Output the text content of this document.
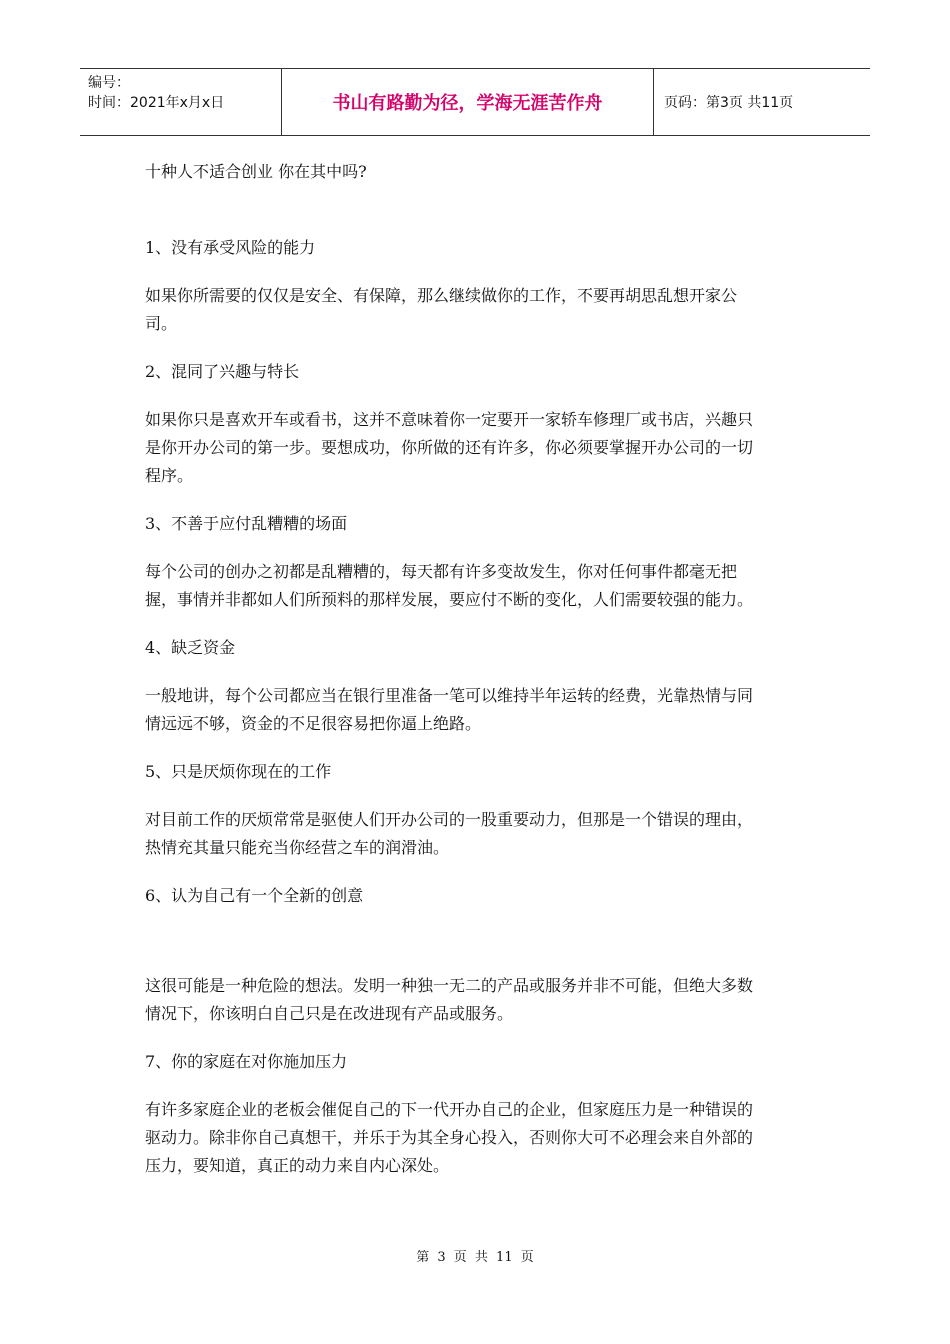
编号：
时间：2021年x月x日	书山有路勤为径，学海无涯苦作舟	页码：第3页 共11页

十种人不适合创业 你在其中吗?

1、没有承受风险的能力

如果你所需要的仅仅是安全、有保障，那么继续做你的工作，不要再胡思乱想开家公司。

2、混同了兴趣与特长

如果你只是喜欢开车或看书，这并不意味着你一定要开一家轿车修理厂或书店，兴趣只是你开办公司的第一步。要想成功，你所做的还有许多，你必须要掌握开办公司的一切程序。

3、不善于应付乱糟糟的场面

每个公司的创办之初都是乱糟糟的，每天都有许多变故发生，你对任何事件都毫无把握，事情并非都如人们所预料的那样发展，要应付不断的变化，人们需要较强的能力。

4、缺乏资金

一般地讲，每个公司都应当在银行里准备一笔可以维持半年运转的经费，光靠热情与同情远远不够，资金的不足很容易把你逼上绝路。

5、只是厌烦你现在的工作

对目前工作的厌烦常常是驱使人们开办公司的一股重要动力，但那是一个错误的理由，热情充其量只能充当你经营之车的润滑油。

6、认为自己有一个全新的创意

这很可能是一种危险的想法。发明一种独一无二的产品或服务并非不可能，但绝大多数情况下，你该明白自己只是在改进现有产品或服务。

7、你的家庭在对你施加压力

有许多家庭企业的老板会催促自己的下一代开办自己的企业，但家庭压力是一种错误的驱动力。除非你自己真想干，并乐于为其全身心投入，否则你大可不必理会来自外部的压力，要知道，真正的动力来自内心深处。

第 3 页 共 11 页
